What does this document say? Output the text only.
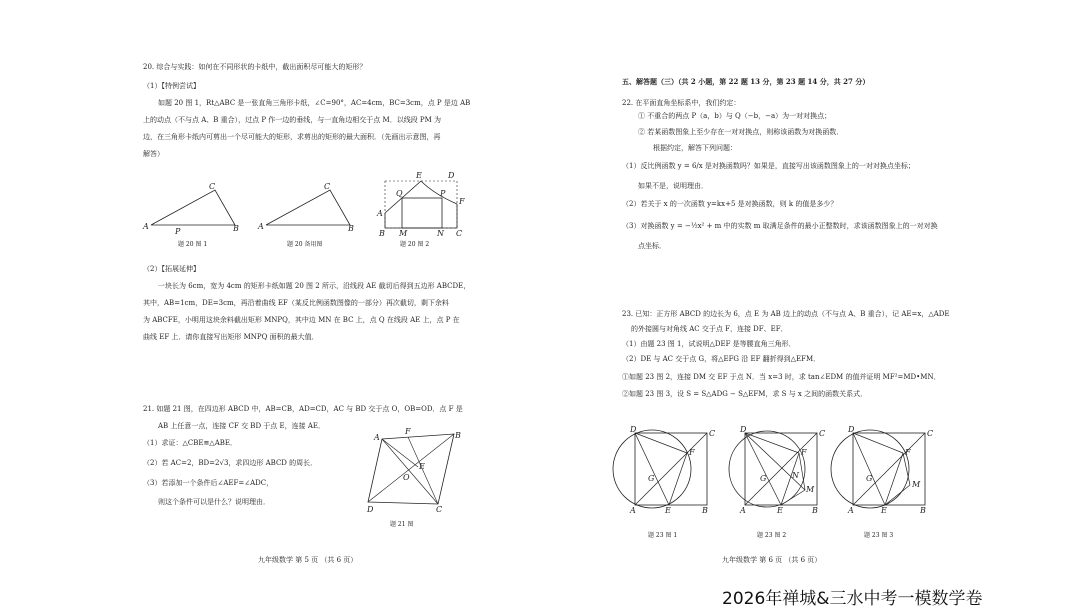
20. 综合与实践：如何在不同形状的卡纸中，截出面积尽可能大的矩形？
（1）【特例尝试】
如题 20 图 1，Rt△ABC 是一张直角三角形卡纸，∠C=90°，AC=4cm，BC=3cm，点 P 是边 AB
上的动点（不与点 A、B 重合），过点 P 作一边的垂线，与一直角边相交于点 M．以线段 PM 为
边，在三角形卡纸内可剪出一个尽可能大的矩形，求剪出的矩形的最大面积．（先画出示意图，再
解答）
C
A	B
P
题 20 图 1
C
A	B
题 20 备用图
E	D
Q	P
F
A
B M	N C
题 20 图 2
（2）【拓展延伸】
一块长为 6cm，宽为 4cm 的矩形卡纸如题 20 图 2 所示，沿线段 AE 截切后得到五边形 ABCDE，
其中，AB=1cm，DE=3cm，再沿着曲线 EF（某反比例函数图像的一部分）再次截切，剩下余料
为 ABCFE，小明用这块余料截出矩形 MNPQ，其中边 MN 在 BC 上，点 Q 在线段 AE 上，点 P 在
曲线 EF 上．请你直接写出矩形 MNPQ 面积的最大值．
21. 如题 21 图，在四边形 ABCD 中，AB=CB，AD=CD，AC 与 BD 交于点 O，OB=OD．点 F 是
AB 上任意一点，连接 CF 交 BD 于点 E，连接 AE．
（1）求证：△CBE≌△ABE．
（2）若 AC=2，BD=2√3，求四边形 ABCD 的周长．
（3）若添加一个条件后∠AEF=∠ADC，
则这个条件可以是什么？说明理由．
A	B
F
E
O
D	C
题 21 图
九年级数学 第 5 页 （共 6 页）
五、解答题（三）（共 2 小题，第 22 题 13 分，第 23 题 14 分，共 27 分）
22. 在平面直角坐标系中，我们约定：
① 不重合的两点 P（a，b）与 Q（−b，−a）为一对对换点；
② 若某函数图象上至少存在一对对换点，则称该函数为对换函数．
根据约定，解答下列问题：
（1）反比例函数 y = 6/x 是对换函数吗？如果是，直接写出该函数图象上的一对对换点坐标；
如果不是，说明理由．
（2）若关于 x 的一次函数 y=kx+5 是对换函数，则 k 的值是多少？
（3）对换函数 y = −½x² + m 中的实数 m 取满足条件的最小正整数时，求该函数图象上的一对对换
点坐标．
23. 已知：正方形 ABCD 的边长为 6，点 E 为 AB 边上的动点（不与点 A、B 重合），记 AE=x，△ADE
的外接圆与对角线 AC 交于点 F，连接 DF、EF．
（1）由题 23 图 1，试说明△DEF 是等腰直角三角形．
（2）DE 与 AC 交于点 G，将△EFG 沿 EF 翻折得到△EFM．
①如题 23 图 2，连接 DM 交 EF 于点 N．当 x=3 时，求 tan∠EDM 的值并证明 MF²=MD•MN．
②如题 23 图 3，设 S = S△ADG − S△EFM，求 S 与 x 之间的函数关系式．
D	C
F
G
A	E	B
题 23 图 1
D	C
F
G	N
M
A	E	B
题 23 图 2
D	C
F
G
M
A	E	B
题 23 图 3
九年级数学 第 6 页 （共 6 页）
2026年禅城&三水中考一模数学卷
